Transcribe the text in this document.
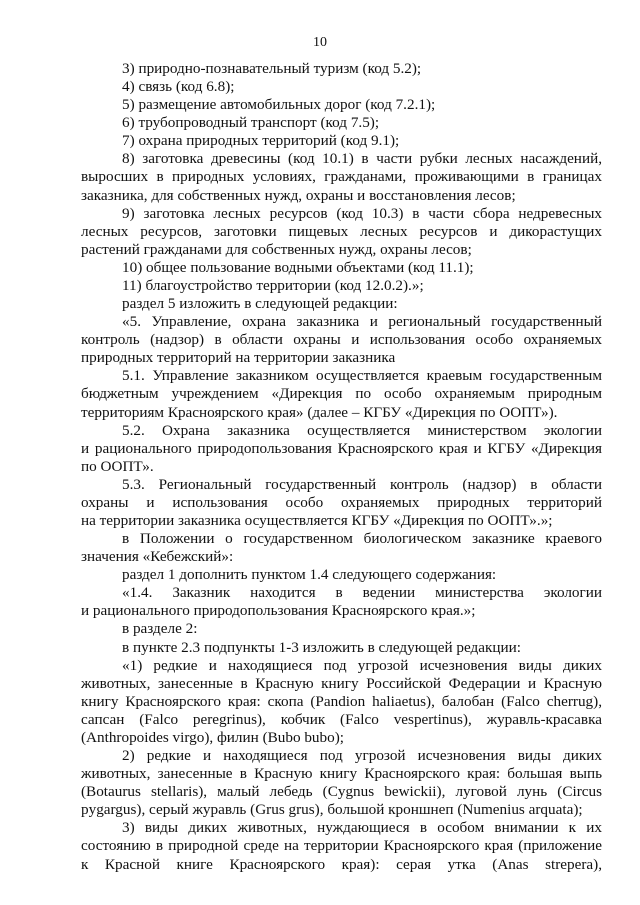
10
3) природно-познавательный туризм (код 5.2);
4) связь (код 6.8);
5) размещение автомобильных дорог (код 7.2.1);
6) трубопроводный транспорт (код 7.5);
7) охрана природных территорий (код 9.1);
8) заготовка древесины (код 10.1) в части рубки лесных насаждений,
выросших в природных условиях, гражданами, проживающими в границах
заказника, для собственных нужд, охраны и восстановления лесов;
9) заготовка лесных ресурсов (код 10.3) в части сбора недревесных
лесных ресурсов, заготовки пищевых лесных ресурсов и дикорастущих
растений гражданами для собственных нужд, охраны лесов;
10) общее пользование водными объектами (код 11.1);
11) благоустройство территории (код 12.0.2).»;
раздел 5 изложить в следующей редакции:
«5. Управление, охрана заказника и региональный государственный
контроль (надзор) в области охраны и использования особо охраняемых
природных территорий на территории заказника
5.1. Управление заказником осуществляется краевым государственным
бюджетным учреждением «Дирекция по особо охраняемым природным
территориям Красноярского края» (далее – КГБУ «Дирекция по ООПТ»).
5.2. Охрана заказника осуществляется министерством экологии
и рационального природопользования Красноярского края и КГБУ «Дирекция
по ООПТ».
5.3. Региональный государственный контроль (надзор) в области
охраны и использования особо охраняемых природных территорий
на территории заказника осуществляется КГБУ «Дирекция по ООПТ».»;
в Положении о государственном биологическом заказнике краевого
значения «Кебежский»:
раздел 1 дополнить пунктом 1.4 следующего содержания:
«1.4. Заказник находится в ведении министерства экологии
и рационального природопользования Красноярского края.»;
в разделе 2:
в пункте 2.3 подпункты 1-3 изложить в следующей редакции:
«1) редкие и находящиеся под угрозой исчезновения виды диких
животных, занесенные в Красную книгу Российской Федерации и Красную
книгу Красноярского края: скопа (Pandion haliaetus), балобан (Falco cherrug),
сапсан (Falco peregrinus), кобчик (Falco vespertinus), журавль-красавка
(Anthropoides virgo), филин (Bubo bubo);
2) редкие и находящиеся под угрозой исчезновения виды диких
животных, занесенные в Красную книгу Красноярского края: большая выпь
(Botaurus stellaris), малый лебедь (Cygnus bewickii), луговой лунь (Circus
pygargus), серый журавль (Grus grus), большой кроншнеп (Numenius arquata);
3) виды диких животных, нуждающиеся в особом внимании к их
состоянию в природной среде на территории Красноярского края (приложение
к Красной книге Красноярского края): серая утка (Anas strepera),
